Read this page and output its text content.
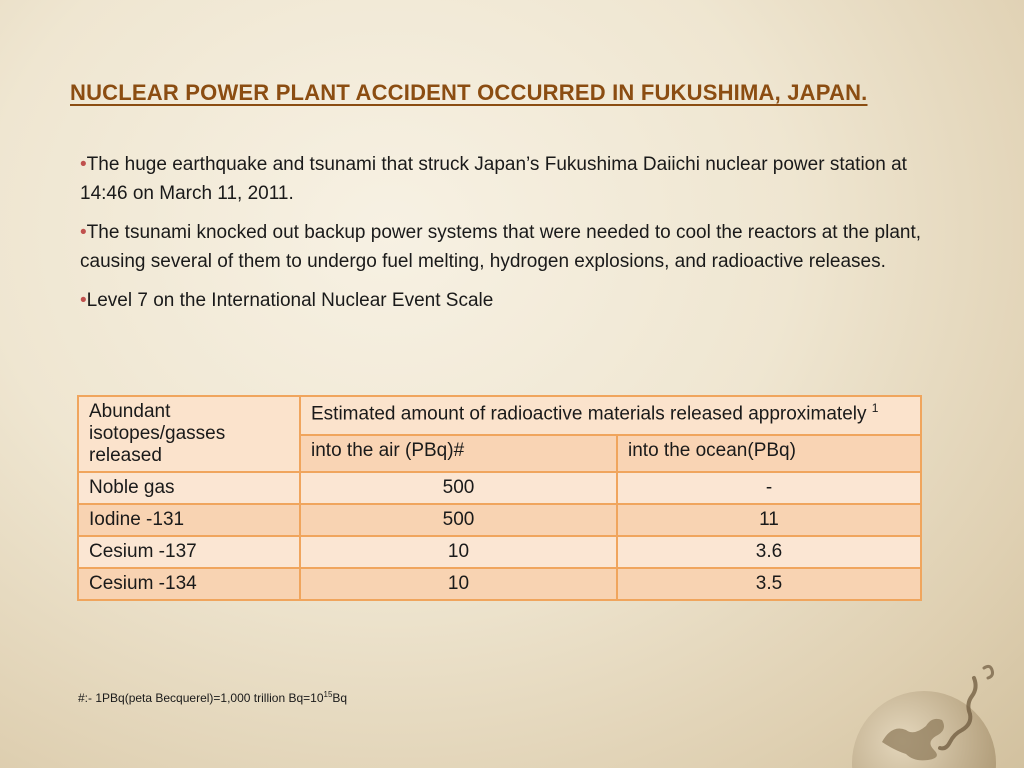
NUCLEAR POWER PLANT ACCIDENT OCCURRED IN FUKUSHIMA, JAPAN.

•The huge earthquake and tsunami that struck Japan’s Fukushima Daiichi nuclear power station at 14:46 on March 11, 2011.

•The tsunami knocked out backup power systems that were needed to cool the reactors at the plant, causing several of them to undergo fuel melting, hydrogen explosions, and radioactive releases.

•Level 7 on the International Nuclear Event Scale

Abundant isotopes/gasses released	Estimated amount of radioactive materials released approximately $^1$
	into the air (PBq)#	into the ocean(PBq)
Noble gas	500	-
Iodine -131	500	11
Cesium -137	10	3.6
Cesium -134	10	3.5

#:- 1PBq(peta Becquerel)=1,000 trillion $Bq=10^{15}Bq$
